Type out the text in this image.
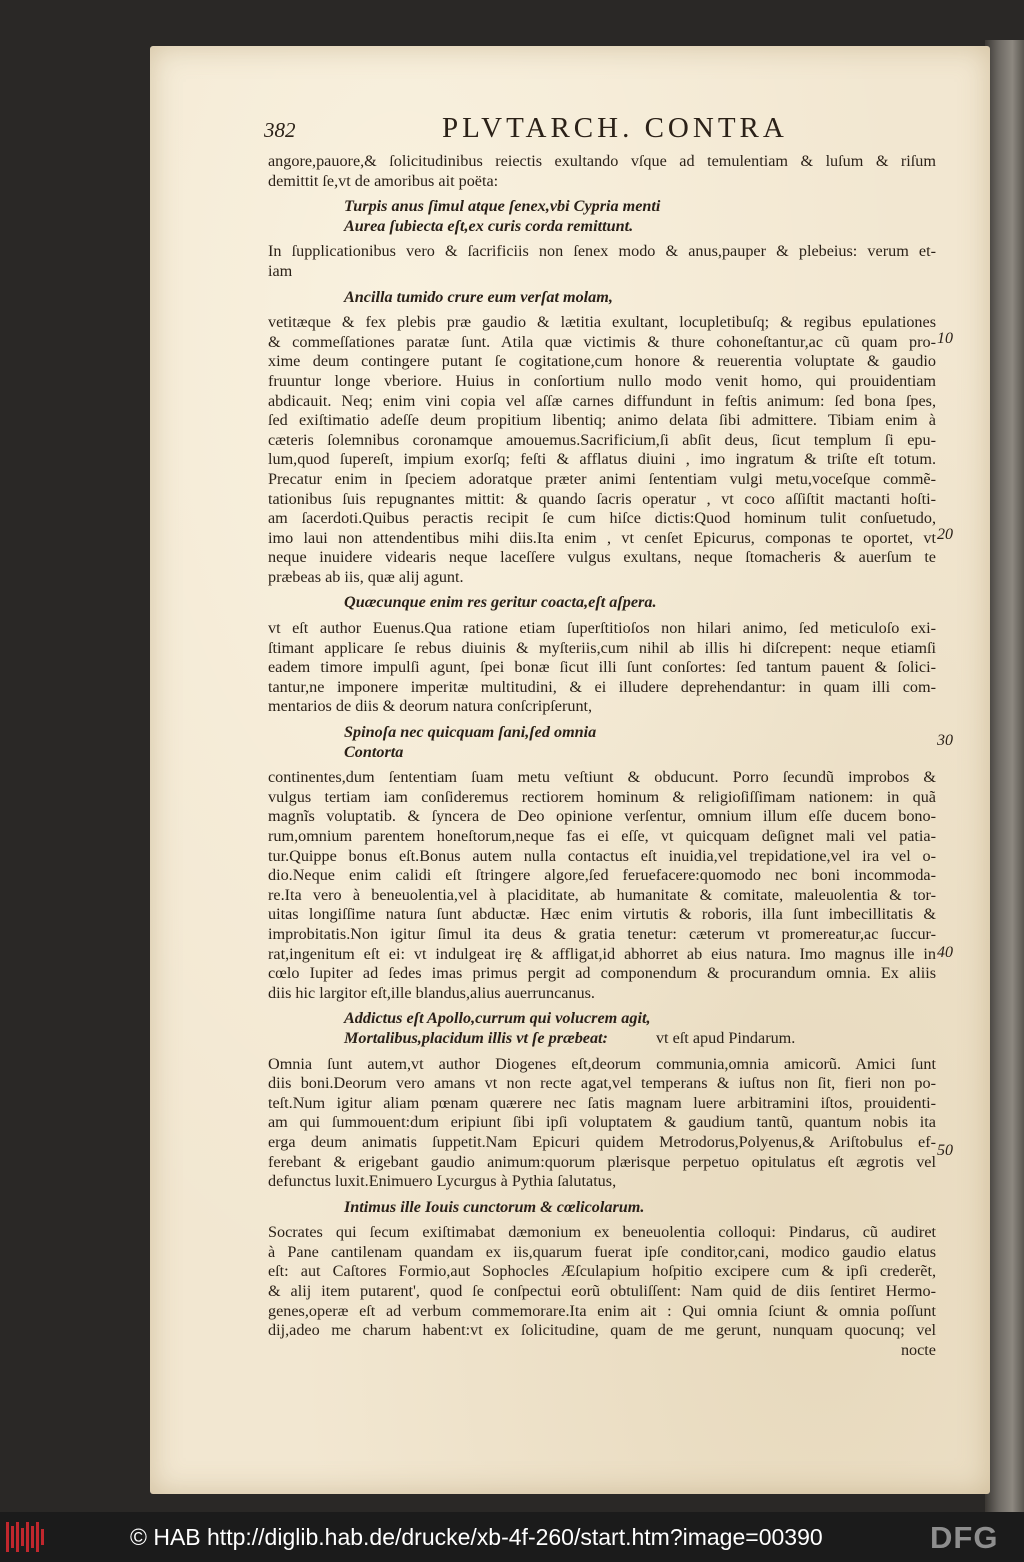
382	PLVTARCH. CONTRA
angore,pauore,& ſolicitudinibus reiectis exultando vſque ad temulentiam & luſum & riſum
demittit ſe,vt de amoribus ait poëta:
Turpis anus ſimul atque ſenex,vbi Cypria menti
Aurea ſubiecta eſt,ex curis corda remittunt.
In ſupplicationibus vero & ſacrificiis non ſenex modo & anus,pauper & plebeius: verum et-
iam
Ancilla tumido crure eum verſat molam,
vetitæque & fex plebis præ gaudio & lætitia exultant, locupletibuſq; & regibus epulationes
& commeſſationes paratæ ſunt. Atila quæ victimis & thure cohoneſtantur,ac cũ quam pro-
xime deum contingere putant ſe cogitatione,cum honore & reuerentia voluptate & gaudio
fruuntur longe vberiore. Huius in conſortium nullo modo venit homo, qui prouidentiam
abdicauit. Neq; enim vini copia vel aſſæ carnes diffundunt in feſtis animum: ſed bona ſpes,
ſed exiſtimatio adeſſe deum propitium libentiq; animo delata ſibi admittere. Tibiam enim à
cæteris ſolemnibus coronamque amouemus.Sacrificium,ſi abſit deus, ſicut templum ſi epu-
lum,quod ſupereſt, impium exorſq; feſti & afflatus diuini , imo ingratum & triſte eſt totum.
Precatur enim in ſpeciem adoratque præter animi ſententiam vulgi metu,voceſque commẽ-
tationibus ſuis repugnantes mittit: & quando ſacris operatur , vt coco aſſiſtit mactanti hoſti-
am ſacerdoti.Quibus peractis recipit ſe cum hiſce dictis:Quod hominum tulit conſuetudo,
imo laui non attendentibus mihi diis.Ita enim , vt cenſet Epicurus, componas te oportet, vt
neque inuidere videaris neque laceſſere vulgus exultans, neque ſtomacheris & auerſum te
præbeas ab iis, quæ alij agunt.
Quæcunque enim res geritur coacta,eſt aſpera.
vt eſt author Euenus.Qua ratione etiam ſuperſtitioſos non hilari animo, ſed meticuloſo exi-
ſtimant applicare ſe rebus diuinis & myſteriis,cum nihil ab illis hi diſcrepent: neque etiamſi
eadem timore impulſi agunt, ſpei bonæ ſicut illi ſunt conſortes: ſed tantum pauent & ſolici-
tantur,ne imponere imperitæ multitudini, & ei illudere deprehendantur: in quam illi com-
mentarios de diis & deorum natura conſcripſerunt,
Spinoſa nec quicquam ſani,ſed omnia
Contorta
continentes,dum ſententiam ſuam metu veſtiunt & obducunt. Porro ſecundũ improbos &
vulgus tertiam iam conſideremus rectiorem hominum & religioſiſſimam nationem: in quã
magnĩs voluptatib. & ſyncera de Deo opinione verſentur, omnium illum eſſe ducem bono-
rum,omnium parentem honeſtorum,neque fas ei eſſe, vt quicquam deſignet mali vel patia-
tur.Quippe bonus eſt.Bonus autem nulla contactus eſt inuidia,vel trepidatione,vel ira vel o-
dio.Neque enim calidi eſt ſtringere algore,ſed feruefacere:quomodo nec boni incommoda-
re.Ita vero à beneuolentia,vel à placiditate, ab humanitate & comitate, maleuolentia & tor-
uitas longiſſime natura ſunt abductæ. Hæc enim virtutis & roboris, illa ſunt imbecillitatis &
improbitatis.Non igitur ſimul ita deus & gratia tenetur: cæterum vt promereatur,ac ſuccur-
rat,ingenitum eſt ei: vt indulgeat irę & affligat,id abhorret ab eius natura. Imo magnus ille in
cœlo Iupiter ad ſedes imas primus pergit ad componendum & procurandum omnia. Ex aliis
diis hic largitor eſt,ille blandus,alius auerruncanus.
Addictus eſt Apollo,currum qui volucrem agit,
Mortalibus,placidum illis vt ſe præbeat:	vt eſt apud Pindarum.
Omnia ſunt autem,vt author Diogenes eſt,deorum communia,omnia amicorũ. Amici ſunt
diis boni.Deorum vero amans vt non recte agat,vel temperans & iuſtus non ſit, fieri non po-
teſt.Num igitur aliam pœnam quærere nec ſatis magnam luere arbitramini iſtos, prouidenti-
am qui ſummouent:dum eripiunt ſibi ipſi voluptatem & gaudium tantũ, quantum nobis ita
erga deum animatis ſuppetit.Nam Epicuri quidem Metrodorus,Polyenus,& Ariſtobulus ef-
ferebant & erigebant gaudio animum:quorum plærisque perpetuo opitulatus eſt ægrotis vel
defunctus luxit.Enimuero Lycurgus à Pythia ſalutatus,
Intimus ille Iouis cunctorum & cœlicolarum.
Socrates qui ſecum exiſtimabat dæmonium ex beneuolentia colloqui: Pindarus, cũ audiret
à Pane cantilenam quandam ex iis,quarum fuerat ipſe conditor,cani, modico gaudio elatus
eſt: aut Caſtores Formio,aut Sophocles Æſculapium hoſpitio excipere cum & ipſi crederẽt,
& alij item putarent', quod ſe conſpectui eorũ obtuliſſent: Nam quid de diis ſentiret Hermo-
genes,operæ eſt ad verbum commemorare.Ita enim ait : Qui omnia ſciunt & omnia poſſunt
dij,adeo me charum habent:vt ex ſolicitudine, quam de me gerunt, nunquam quocunq; vel
nocte
10
20
30
40
50
© HAB http://diglib.hab.de/drucke/xb-4f-260/start.htm?image=00390	DFG
